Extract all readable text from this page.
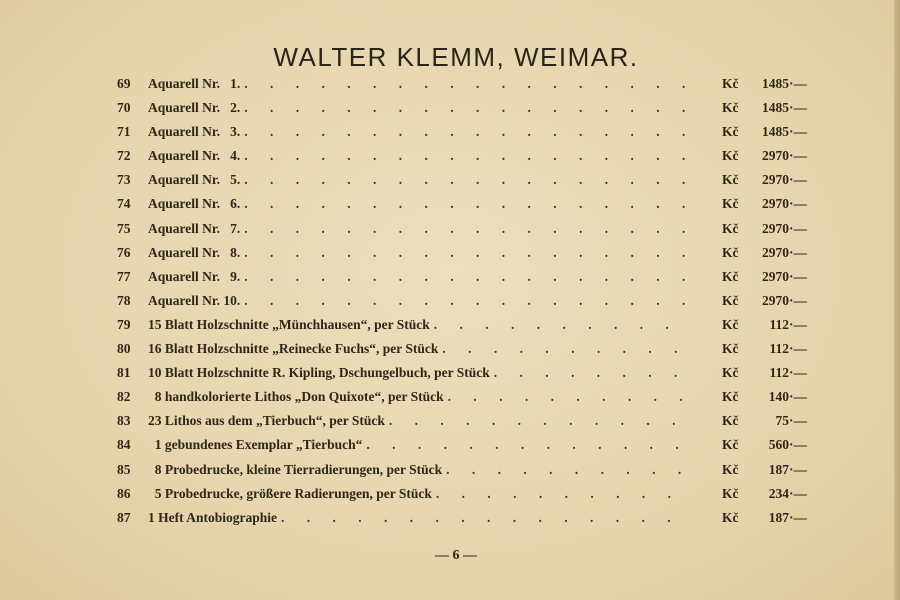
WALTER KLEMM, WEIMAR.
69	Aquarell Nr.   1. . . .	Kč	1485 ·—
70	Aquarell Nr.   2. . . .	Kč	1485 ·—
71	Aquarell Nr.   3. . . .	Kč	1485 ·—
72	Aquarell Nr.   4. . . .	Kč	2970 ·—
73	Aquarell Nr.   5. . . .	Kč	2970 ·—
74	Aquarell Nr.   6. . . .	Kč	2970 ·—
75	Aquarell Nr.   7. . . .	Kč	2970 ·—
76	Aquarell Nr.   8. . . .	Kč	2970 ·—
77	Aquarell Nr.   9. . . .	Kč	2970 ·—
78	Aquarell Nr. 10. . . .	Kč	2970 ·—
79	15 Blatt Holzschnitte „Münchhausen“, per Stück . . .	Kč	112 ·—
80	16 Blatt Holzschnitte „Reinecke Fuchs“, per Stück . . .	Kč	112 ·—
81	10 Blatt Holzschnitte R. Kipling, Dschungelbuch, per Stück . . .	Kč	112 ·—
82	8 handkolorierte Lithos „Don Quixote“, per Stück . . .	Kč	140 ·—
83	23 Lithos aus dem „Tierbuch“, per Stück . . .	Kč	75 ·—
84	1 gebundenes Exemplar „Tierbuch“ . . .	Kč	560 ·—
85	8 Probedrucke, kleine Tierradierungen, per Stück . . .	Kč	187 ·—
86	5 Probedrucke, größere Radierungen, per Stück . . .	Kč	234 ·—
87	1 Heft Antobiographie . . .	Kč	187 ·—
— 6 —
